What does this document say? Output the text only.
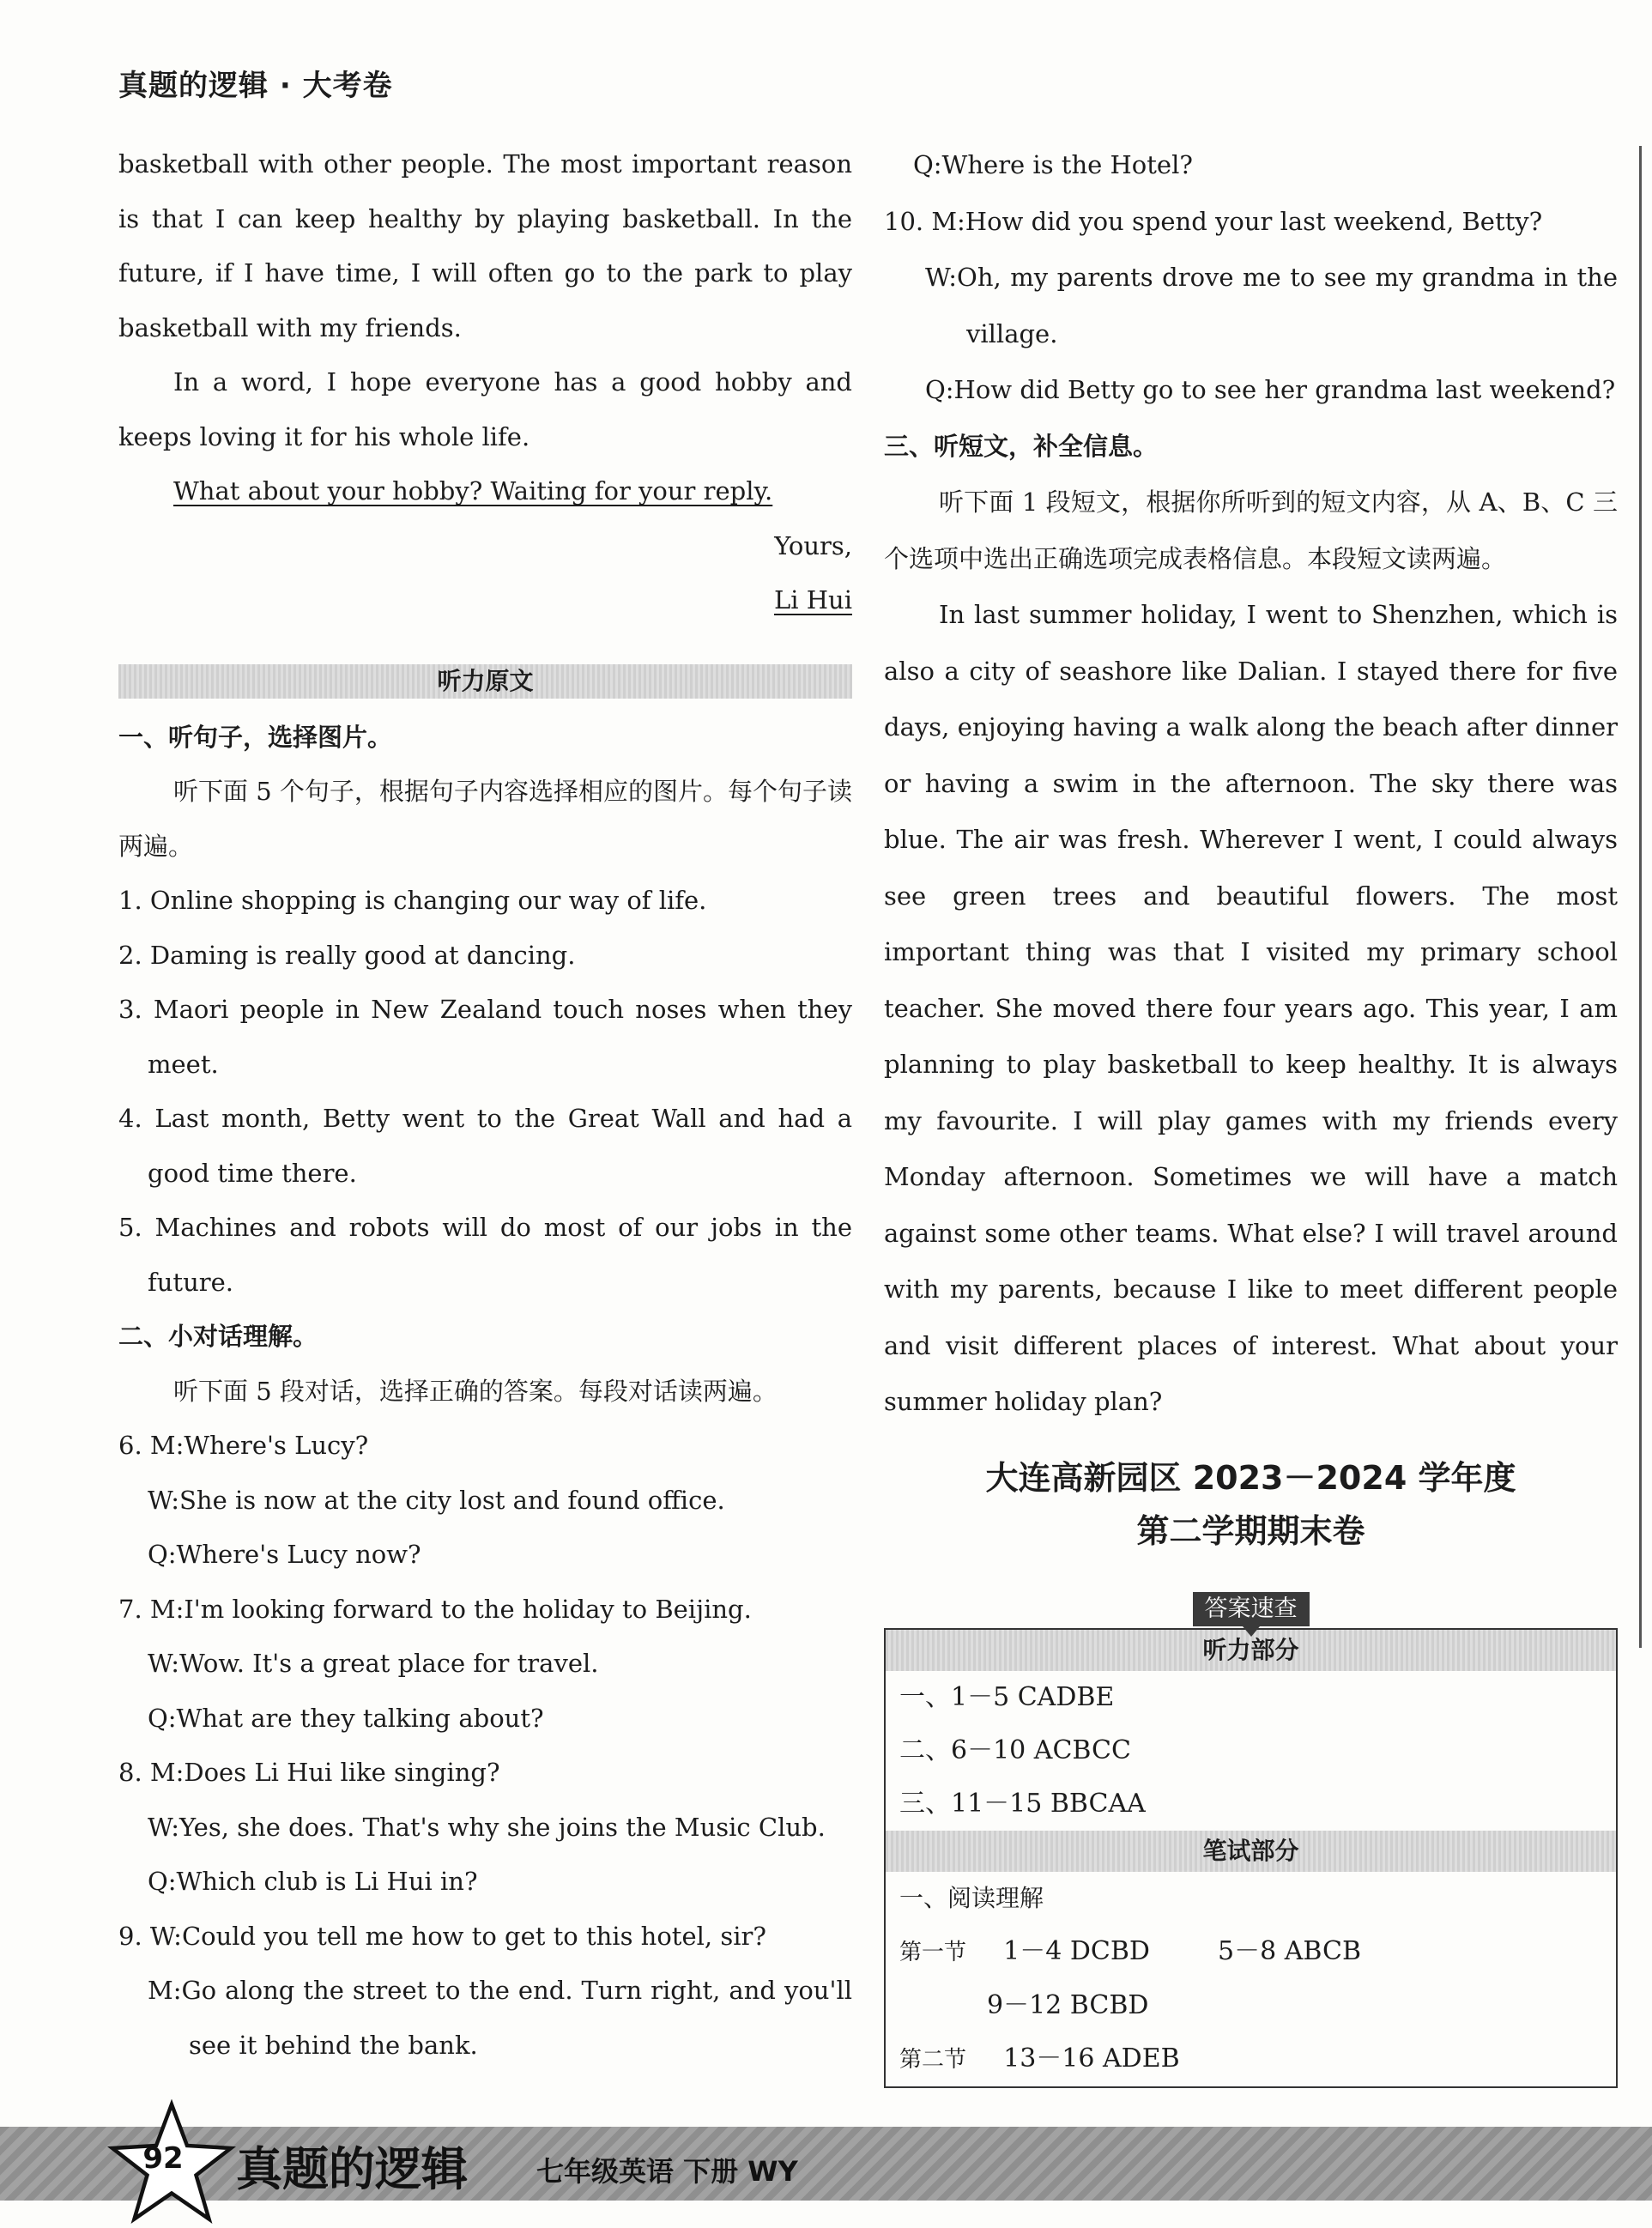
真题的逻辑 · 大考卷

basketball with other people. The most important reason is that I can keep healthy by playing basketball. In the future, if I have time, I will often go to the park to play basketball with my friends.

In a word, I hope everyone has a good hobby and keeps loving it for his whole life.

What about your hobby? Waiting for your reply.

Yours,

Li Hui

听力原文

一、听句子，选择图片。

听下面 5 个句子，根据句子内容选择相应的图片。每个句子读两遍。

1. Online shopping is changing our way of life.

2. Daming is really good at dancing.

3. Maori people in New Zealand touch noses when they meet.

4. Last month, Betty went to the Great Wall and had a good time there.

5. Machines and robots will do most of our jobs in the future.

二、小对话理解。

听下面 5 段对话，选择正确的答案。每段对话读两遍。

6. M:Where's Lucy?

W:She is now at the city lost and found office.

Q:Where's Lucy now?

7. M:I'm looking forward to the holiday to Beijing.

W:Wow. It's a great place for travel.

Q:What are they talking about?

8. M:Does Li Hui like singing?

W:Yes, she does. That's why she joins the Music Club.

Q:Which club is Li Hui in?

9. W:Could you tell me how to get to this hotel, sir?

M:Go along the street to the end. Turn right, and you'll see it behind the bank.

Q:Where is the Hotel?

10. M:How did you spend your last weekend, Betty?

W:Oh, my parents drove me to see my grandma in the village.

Q:How did Betty go to see her grandma last weekend?

三、听短文，补全信息。

听下面 1 段短文，根据你所听到的短文内容，从 A、B、C 三个选项中选出正确选项完成表格信息。本段短文读两遍。

In last summer holiday, I went to Shenzhen, which is also a city of seashore like Dalian. I stayed there for five days, enjoying having a walk along the beach after dinner or having a swim in the afternoon. The sky there was blue. The air was fresh. Wherever I went, I could always see green trees and beautiful flowers. The most important thing was that I visited my primary school teacher. She moved there four years ago. This year, I am planning to play basketball to keep healthy. It is always my favourite. I will play games with my friends every Monday afternoon. Sometimes we will have a match against some other teams. What else? I will travel around with my parents, because I like to meet different people and visit different places of interest. What about your summer holiday plan?

大连高新园区 2023－2024 学年度
第二学期期末卷
答案速查
听力部分
一、1－5 CADBE
二、6－10 ACBCC
三、11－15 BBCAA
笔试部分
一、阅读理解
第一节 1－4 DCBD	5－8 ABCB
9－12 BCBD
第二节 13－16 ADEB
92 真题的逻辑	七年级英语 下册 WY
